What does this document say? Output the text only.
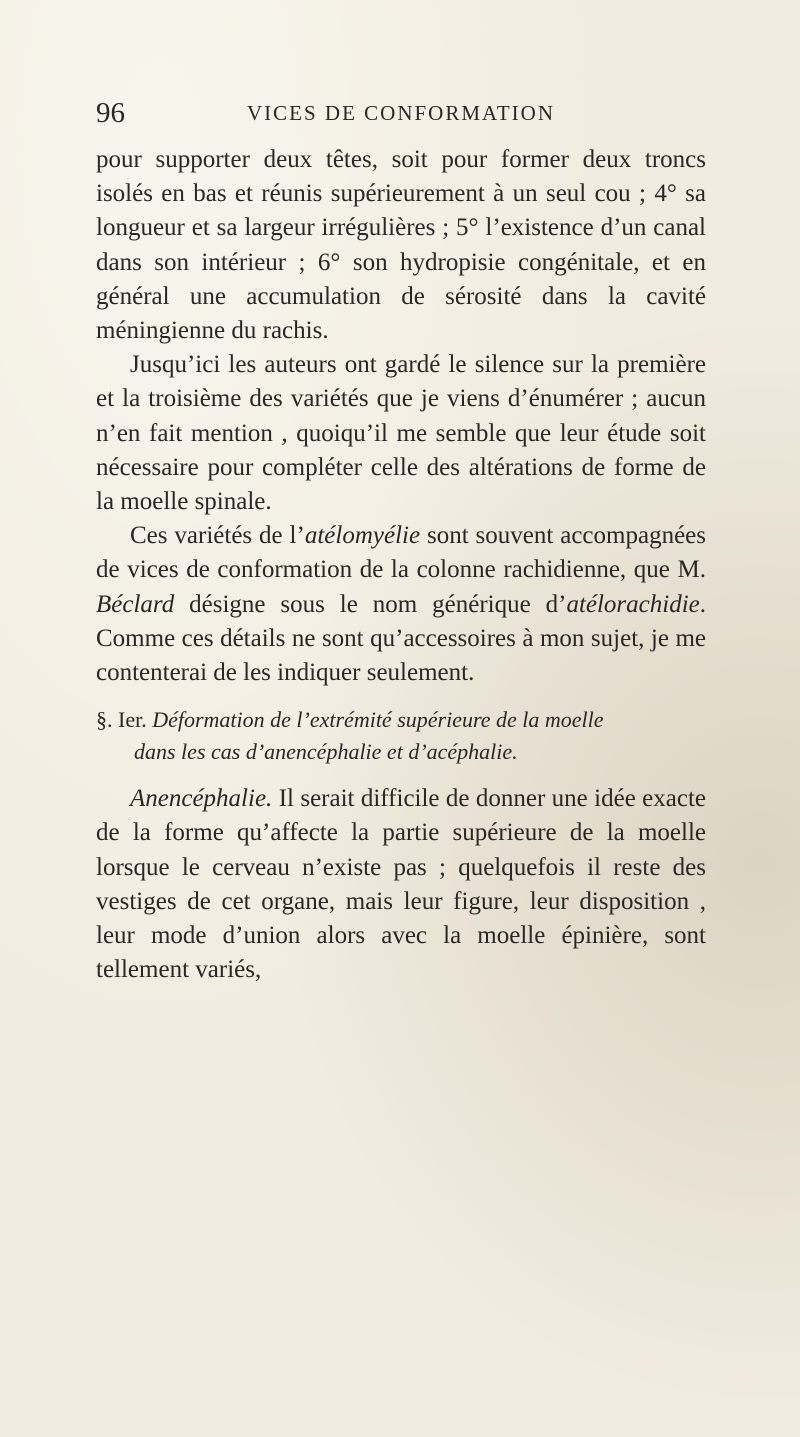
96	VICES DE CONFORMATION

pour supporter deux têtes, soit pour former deux troncs isolés en bas et réunis supérieurement à un seul cou ; 4° sa longueur et sa largeur irrégulières ; 5° l’existence d’un canal dans son intérieur ; 6° son hydropisie congénitale, et en général une accumulation de sérosité dans la cavité méningienne du rachis.

Jusqu’ici les auteurs ont gardé le silence sur la première et la troisième des variétés que je viens d’énumérer ; aucun n’en fait mention , quoiqu’il me semble que leur étude soit nécessaire pour compléter celle des altérations de forme de la moelle spinale.

Ces variétés de l’atélomyélie sont souvent accompagnées de vices de conformation de la colonne rachidienne, que M. Béclard désigne sous le nom générique d’atélorachidie. Comme ces détails ne sont qu’accessoires à mon sujet, je me contenterai de les indiquer seulement.

§. Ier. Déformation de l’extrémité supérieure de la moelle
dans les cas d’anencéphalie et d’acéphalie.

Anencéphalie. Il serait difficile de donner une idée exacte de la forme qu’affecte la partie supérieure de la moelle lorsque le cerveau n’existe pas ; quelquefois il reste des vestiges de cet organe, mais leur figure, leur disposition , leur mode d’union alors avec la moelle épinière, sont tellement variés,
